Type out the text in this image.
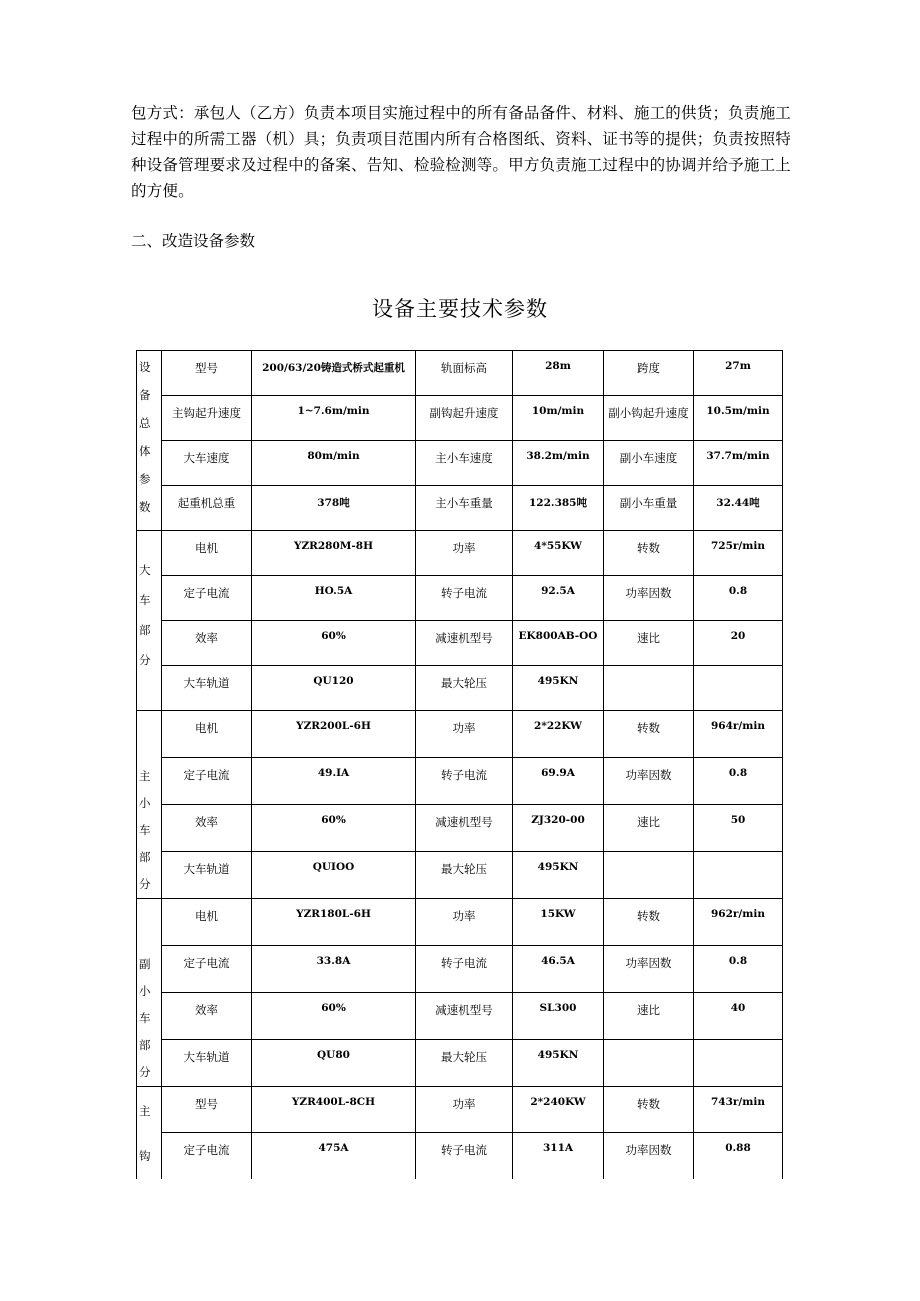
包方式：承包人（乙方）负责本项目实施过程中的所有备品备件、材料、施工的供货；负责施工过程中的所需工器（机）具；负责项目范围内所有合格图纸、资料、证书等的提供；负责按照特种设备管理要求及过程中的备案、告知、检验检测等。甲方负责施工过程中的协调并给予施工上的方便。
二、改造设备参数
设备主要技术参数
设备总体参数	型号	200/63/20铸造式桥式起重机	轨面标高	28m	跨度	27m
	主钩起升速度	1~7.6m/min	副钩起升速度	10m/min	副小钩起升速度	10.5m/min
	大车速度	80m/min	主小车速度	38.2m/min	副小车速度	37.7m/min
	起重机总重	378吨	主小车重量	122.385吨	副小车重量	32.44吨
大车部分	电机	YZR280M-8H	功率	4*55KW	转数	725r/min
	定子电流	HO.5A	转子电流	92.5A	功率因数	0.8
	效率	60%	减速机型号	EK800AB-OO	速比	20
	大车轨道	QU120	最大轮压	495KN		
主小车部分	电机	YZR200L-6H	功率	2*22KW	转数	964r/min
	定子电流	49.IA	转子电流	69.9A	功率因数	0.8
	效率	60%	减速机型号	ZJ320-00	速比	50
	大车轨道	QUIOO	最大轮压	495KN		
副小车部分	电机	YZR180L-6H	功率	15KW	转数	962r/min
	定子电流	33.8A	转子电流	46.5A	功率因数	0.8
	效率	60%	减速机型号	SL300	速比	40
	大车轨道	QU80	最大轮压	495KN		
主钩	型号	YZR400L-8CH	功率	2*240KW	转数	743r/min
	定子电流	475A	转子电流	311A	功率因数	0.88
